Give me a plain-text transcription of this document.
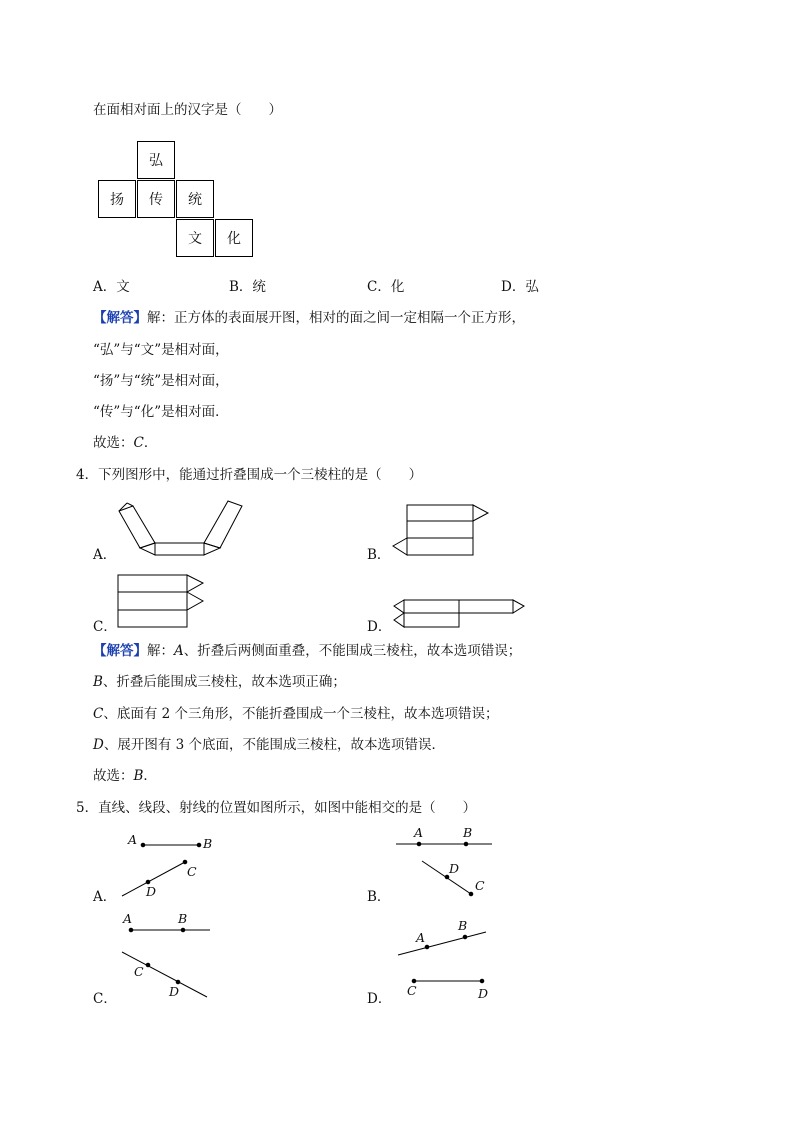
在面相对面上的汉字是（　　）
弘
扬	传	统
文	化
A．文	B．统	C．化	D．弘
【解答】解：正方体的表面展开图，相对的面之间一定相隔一个正方形，
“弘”与“文”是相对面，
“扬”与“统”是相对面，
“传”与“化”是相对面．
故选：C．
4．下列图形中，能通过折叠围成一个三棱柱的是（　　）
A．	B．
C．	D．
【解答】解：A、折叠后两侧面重叠，不能围成三棱柱，故本选项错误；
B、折叠后能围成三棱柱，故本选项正确；
C、底面有 2 个三角形，不能折叠围成一个三棱柱，故本选项错误；
D、展开图有 3 个底面，不能围成三棱柱，故本选项错误．
故选：B．
5．直线、线段、射线的位置如图所示，如图中能相交的是（　　）
A	B
C
D
A．
A	B
D
C
B．
A	B
C
D
C．
A
B
C	D
D．
